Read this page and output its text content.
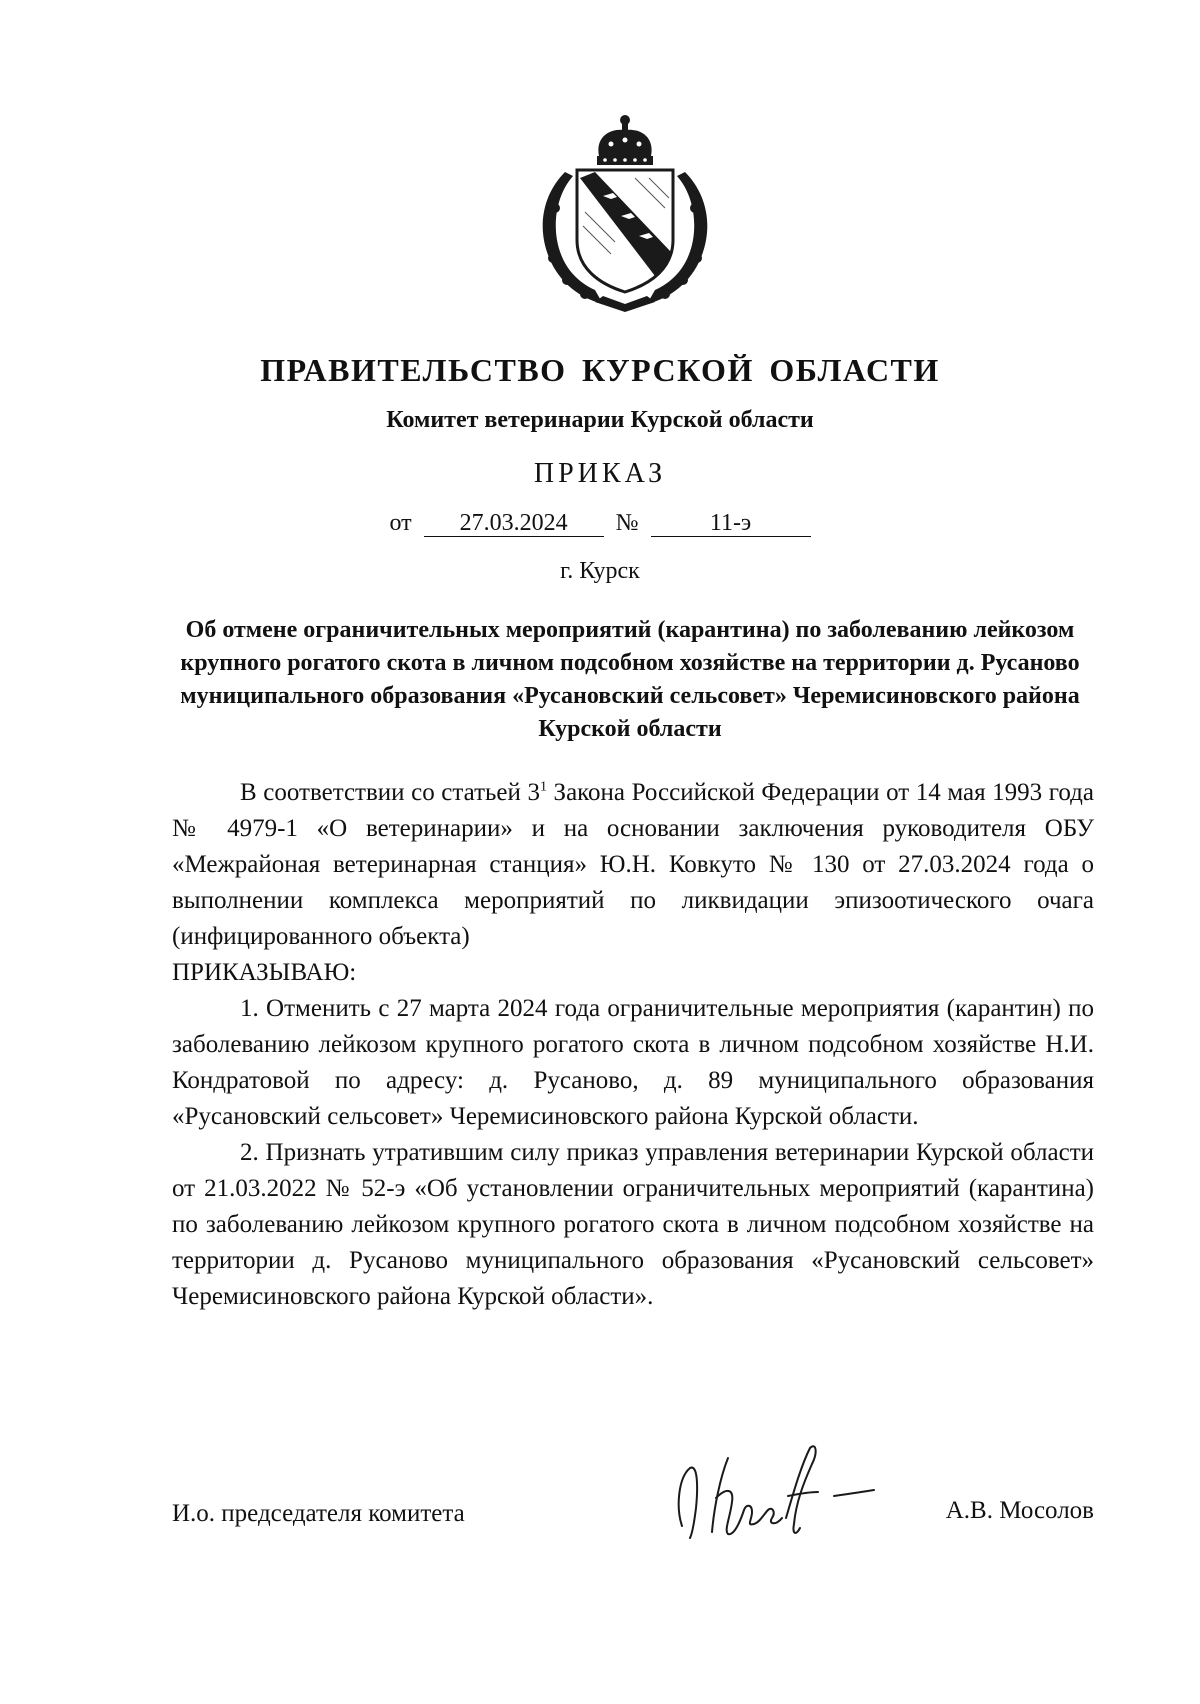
ПРАВИТЕЛЬСТВО КУРСКОЙ ОБЛАСТИ
Комитет ветеринарии Курской области
ПРИКАЗ
от 27.03.2024 №	11-э
г. Курск
Об отмене ограничительных мероприятий (карантина) по заболеванию лейкозом крупного рогатого скота в личном подсобном хозяйстве на территории д. Русаново муниципального образования «Русановский сельсовет» Черемисиновского района Курской области

В соответствии со статьей $3^1$ Закона Российской Федерации от 14 мая 1993 года № 4979-1 «О ветеринарии» и на основании заключения руководителя ОБУ «Межрайоная ветеринарная станция» Ю.Н. Ковкуто № 130 от 27.03.2024 года о выполнении комплекса мероприятий по ликвидации эпизоотического очага (инфицированного объекта)

ПРИКАЗЫВАЮ:

1. Отменить с 27 марта 2024 года ограничительные мероприятия (карантин) по заболеванию лейкозом крупного рогатого скота в личном подсобном хозяйстве Н.И. Кондратовой по адресу: д. Русаново, д. 89 муниципального образования «Русановский сельсовет» Черемисиновского района Курской области.

2. Признать утратившим силу приказ управления ветеринарии Курской области от 21.03.2022 № 52-э «Об установлении ограничительных мероприятий (карантина) по заболеванию лейкозом крупного рогатого скота в личном подсобном хозяйстве на территории д. Русаново муниципального образования «Русановский сельсовет» Черемисиновского района Курской области».

И.о. председателя комитета	А.В. Мосолов
